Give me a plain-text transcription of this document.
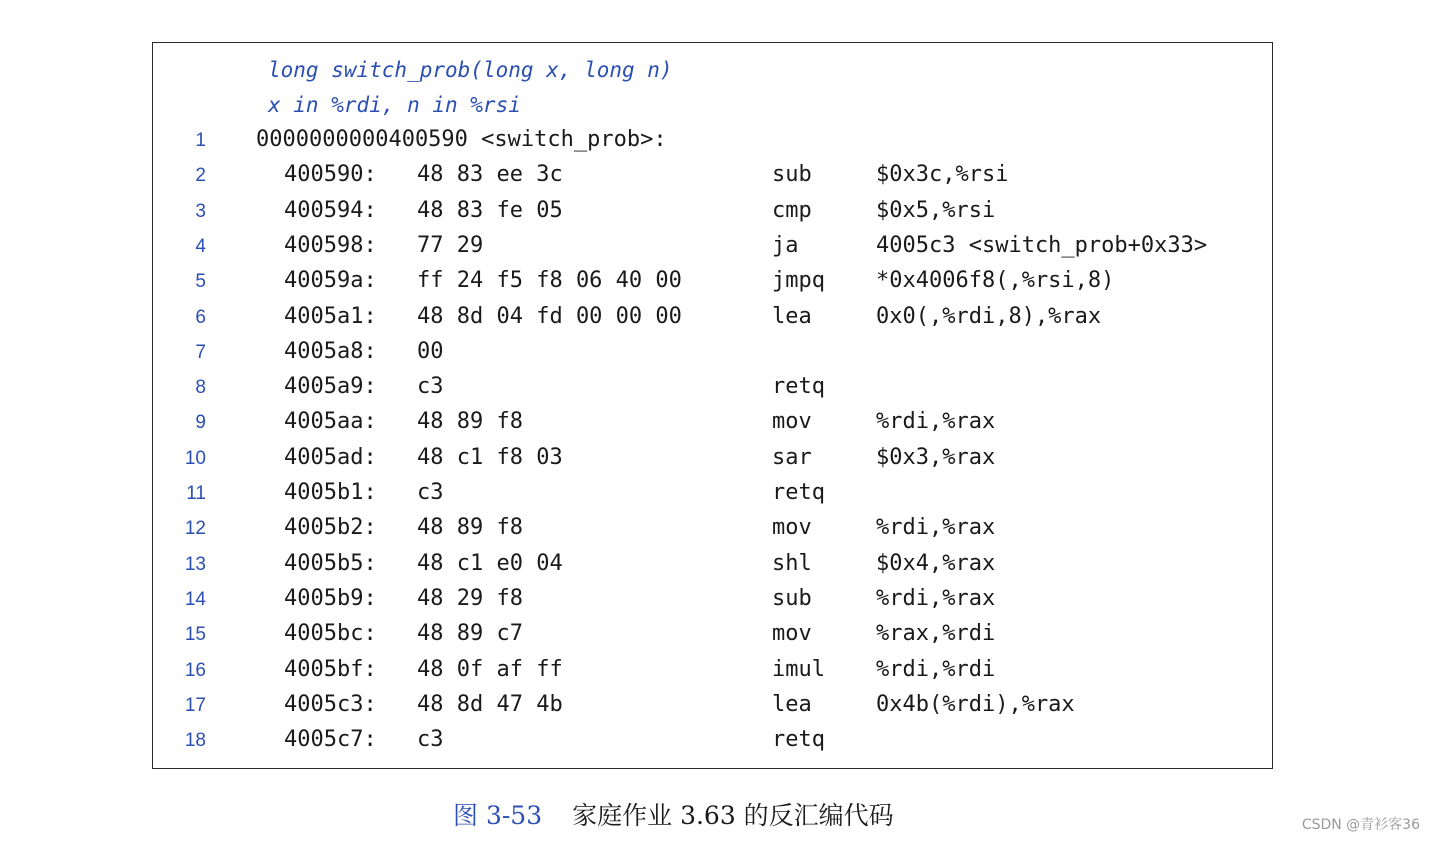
long switch_prob(long x, long n)
x in %rdi, n in %rsi
1 0000000000400590 <switch_prob>:
2	400590: 48 83 ee 3c	sub	$0x3c,%rsi
3	400594: 48 83 fe 05	cmp	$0x5,%rsi
4	400598: 77 29	ja	4005c3 <switch_prob+0x33>
5	40059a: ff 24 f5 f8 06 40 00	jmpq *0x4006f8(,%rsi,8)
6	4005a1: 48 8d 04 fd 00 00 00	lea	0x0(,%rdi,8),%rax
7	4005a8: 00
8	4005a9: c3	retq
9	4005aa: 48 89 f8	mov	%rdi,%rax
10	4005ad: 48 c1 f8 03	sar	$0x3,%rax
11	4005b1: c3	retq
12	4005b2: 48 89 f8	mov	%rdi,%rax
13	4005b5: 48 c1 e0 04	shl	$0x4,%rax
14	4005b9: 48 29 f8	sub	%rdi,%rax
15	4005bc: 48 89 c7	mov	%rax,%rdi
16	4005bf: 48 0f af ff	imul %rdi,%rdi
17	4005c3: 48 8d 47 4b	lea	0x4b(%rdi),%rax
18	4005c7: c3	retq
图 3-53 家庭作业 3.63 的反汇编代码	CSDN @青衫客36
